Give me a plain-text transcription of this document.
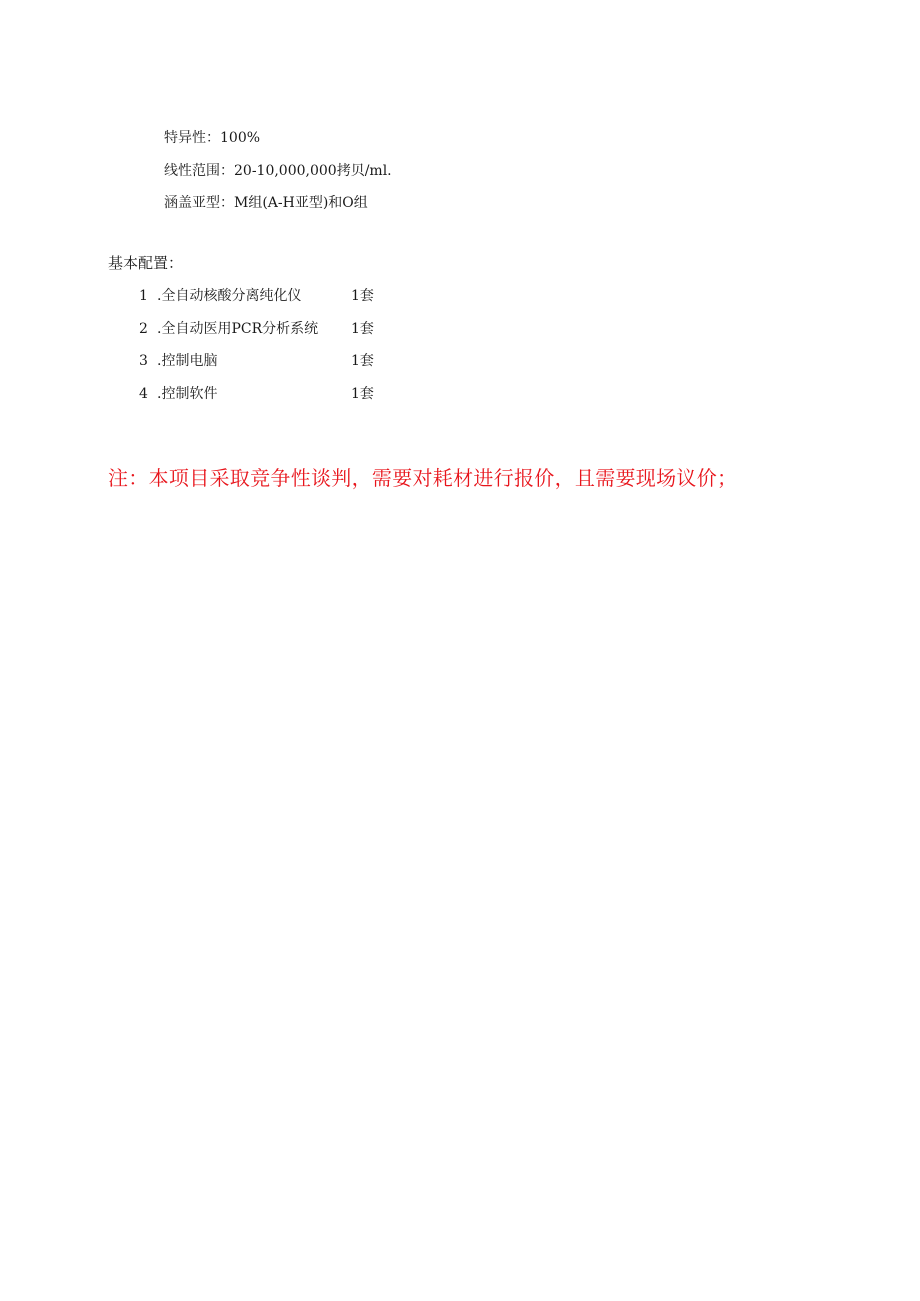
特异性：100%
线性范围：20-10,000,000拷贝/ml.
涵盖亚型：M组(A-H亚型)和O组
基本配置：
1 .全自动核酸分离纯化仪	1套
2 .全自动医用PCR分析系统 1套
3 .控制电脑	1套
4 .控制软件	1套
注：本项目采取竞争性谈判，需要对耗材进行报价，且需要现场议价；
